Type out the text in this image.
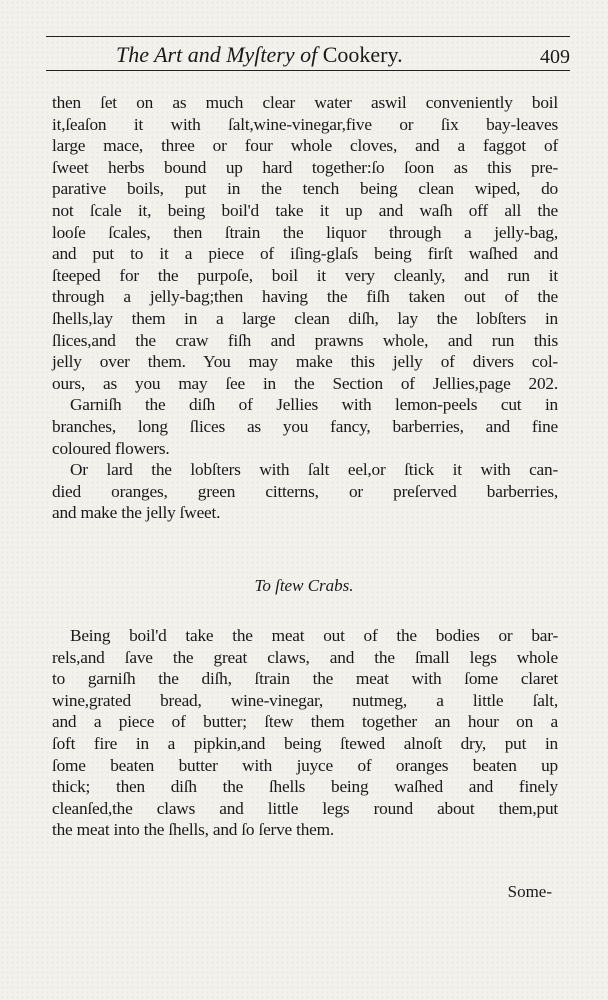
The Art and Myſtery of Cookery.	409
then ſet on as much clear water aswil conveniently boil
it,ſeaſon it with ſalt,wine-vinegar,five or ſix bay-leaves
large mace, three or four whole cloves, and a faggot of
ſweet herbs bound up hard together:ſo ſoon as this pre-
parative boils, put in the tench being clean wiped, do
not ſcale it, being boil'd take it up and waſh off all the
looſe ſcales, then ſtrain the liquor through a jelly-bag,
and put to it a piece of iſing-glaſs being firſt waſhed and
ſteeped for the purpoſe, boil it very cleanly, and run it
through a jelly-bag;then having the fiſh taken out of the
ſhells,lay them in a large clean diſh, lay the lobſters in
ſlices,and the craw fiſh and prawns whole, and run this
jelly over them. You may make this jelly of divers col-
ours, as you may ſee in the Section of Jellies,page 202.
Garniſh the diſh of Jellies with lemon-peels cut in
branches, long ſlices as you fancy, barberries, and fine
coloured flowers.
Or lard the lobſters with ſalt eel,or ſtick it with can-
died oranges, green citterns, or preſerved barberries,
and make the jelly ſweet.
To ſtew Crabs.
Being boil'd take the meat out of the bodies or bar-
rels,and ſave the great claws, and the ſmall legs whole
to garniſh the diſh, ſtrain the meat with ſome claret
wine,grated bread, wine-vinegar, nutmeg, a little ſalt,
and a piece of butter; ſtew them together an hour on a
ſoft fire in a pipkin,and being ſtewed alnoſt dry, put in
ſome beaten butter with juyce of oranges beaten up
thick; then diſh the ſhells being waſhed and finely
cleanſed,the claws and little legs round about them,put
the meat into the ſhells, and ſo ſerve them.
Some-
